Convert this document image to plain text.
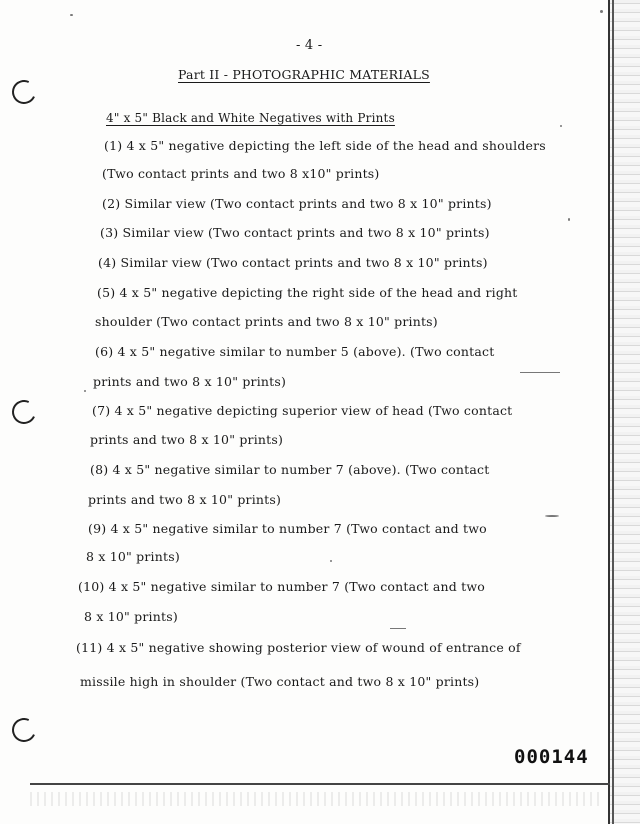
- 4 -
Part II - PHOTOGRAPHIC MATERIALS
4" x 5" Black and White Negatives with Prints
(1) 4 x 5" negative depicting the left side of the head and shoulders
(Two contact prints and two 8 x10" prints)
(2) Similar view (Two contact prints and two 8 x 10" prints)
(3) Similar view (Two contact prints and two 8 x 10" prints)
(4) Similar view (Two contact prints and two 8 x 10" prints)
(5) 4 x 5" negative depicting the right side of the head and right
shoulder (Two contact prints and two 8 x 10" prints)
(6) 4 x 5" negative similar to number 5 (above). (Two contact
prints and two 8 x 10" prints)
(7) 4 x 5" negative depicting superior view of head (Two contact
prints and two 8 x 10" prints)
(8) 4 x 5" negative similar to number 7 (above). (Two contact
prints and two 8 x 10" prints)
(9) 4 x 5" negative similar to number 7 (Two contact and two
8 x 10" prints)
(10) 4 x 5" negative similar to number 7 (Two contact and two
8 x 10" prints)
(11) 4 x 5" negative showing posterior view of wound of entrance of
missile high in shoulder (Two contact and two 8 x 10" prints)
000144
